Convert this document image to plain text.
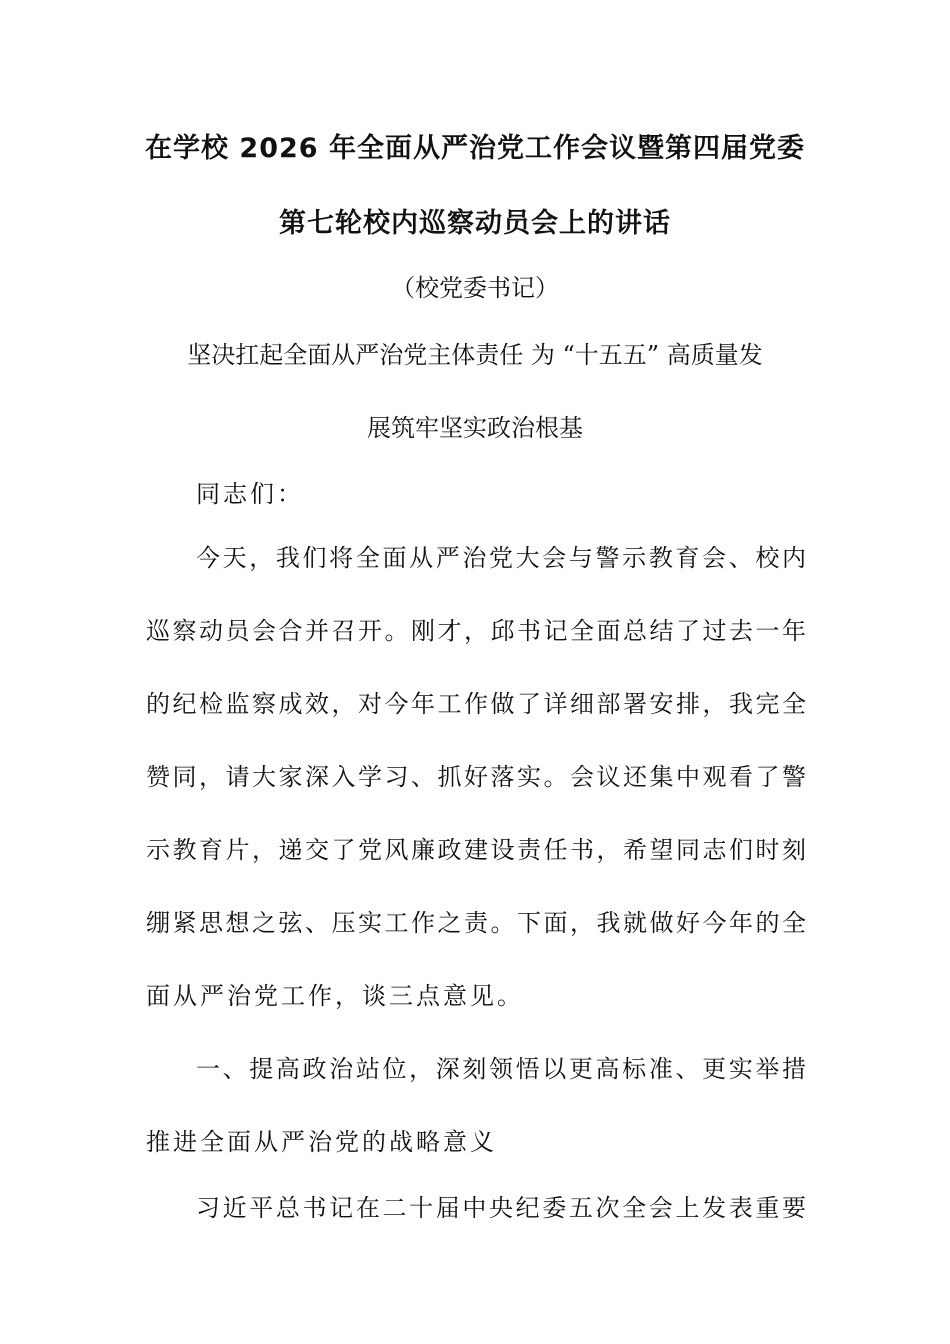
在学校 2026 年全面从严治党工作会议暨第四届党委
第七轮校内巡察动员会上的讲话
（校党委书记）
坚决扛起全面从严治党主体责任 为 “十五五” 高质量发
展筑牢坚实政治根基
同志们：
今天，我们将全面从严治党大会与警示教育会、校内
巡察动员会合并召开。刚才，邱书记全面总结了过去一年
的纪检监察成效，对今年工作做了详细部署安排，我完全
赞同，请大家深入学习、抓好落实。会议还集中观看了警
示教育片，递交了党风廉政建设责任书，希望同志们时刻
绷紧思想之弦、压实工作之责。下面，我就做好今年的全
面从严治党工作，谈三点意见。
一、提高政治站位，深刻领悟以更高标准、更实举措
推进全面从严治党的战略意义
习近平总书记在二十届中央纪委五次全会上发表重要
